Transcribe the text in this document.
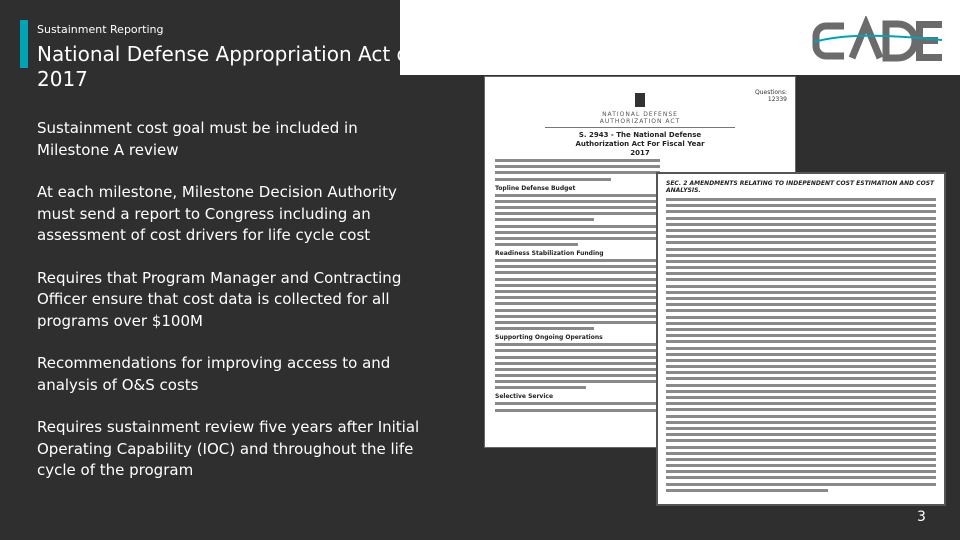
Sustainment Reporting
National Defense Appropriation Act of 2017
Sustainment cost goal must be included in Milestone A review
At each milestone, Milestone Decision Authority must send a report to Congress including an assessment of cost drivers for life cycle cost
Requires that Program Manager and Contracting Officer ensure that cost data is collected for all programs over $100M
Recommendations for improving access to and analysis of O&S costs
Requires sustainment review five years after Initial Operating Capability (IOC) and throughout the life cycle of the program
Questions:
12339
NATIONAL DEFENSE
AUTHORIZATION ACT
S. 2943 - The National Defense Authorization Act For Fiscal Year 2017
Topline Defense Budget
Readiness Stabilization Funding
Supporting Ongoing Operations
Selective Service
SEC. 2 AMENDMENTS RELATING TO INDEPENDENT COST ESTIMATION AND COST ANALYSIS.
3
